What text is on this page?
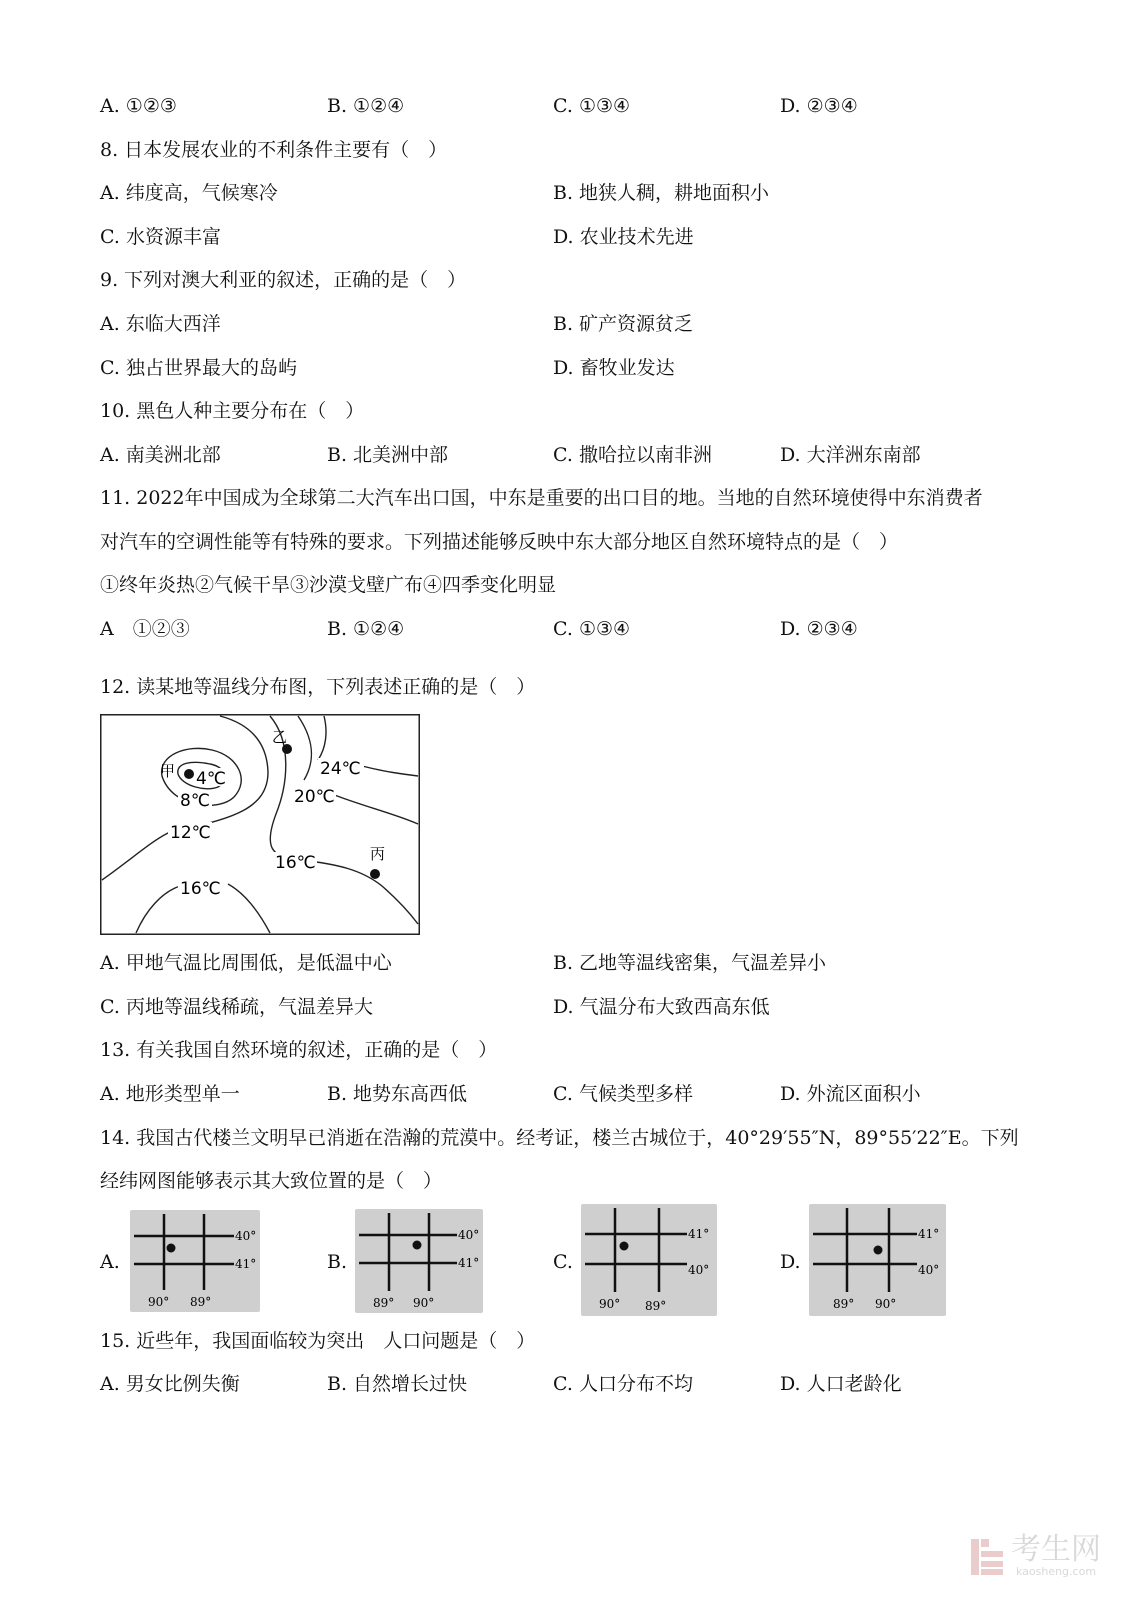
A. ①②③	B. ①②④	C. ①③④	D. ②③④
8. 日本发展农业的不利条件主要有（　）
A. 纬度高，气候寒冷	B. 地狭人稠，耕地面积小
C. 水资源丰富	D. 农业技术先进
9. 下列对澳大利亚的叙述，正确的是（　）
A. 东临大西洋	B. 矿产资源贫乏
C. 独占世界最大的岛屿	D. 畜牧业发达
10. 黑色人种主要分布在（　）
A. 南美洲北部	B. 北美洲中部	C. 撒哈拉以南非洲	D. 大洋洲东南部
11. 2022年中国成为全球第二大汽车出口国，中东是重要的出口目的地。当地的自然环境使得中东消费者
对汽车的空调性能等有特殊的要求。下列描述能够反映中东大部分地区自然环境特点的是（　）
①终年炎热②气候干旱③沙漠戈壁广布④四季变化明显
A　①②③	B. ①②④	C. ①③④	D. ②③④
12. 读某地等温线分布图，下列表述正确的是（　）
甲
乙
丙
4℃
8℃
12℃
16℃
16℃
20℃
24℃
A. 甲地气温比周围低，是低温中心	B. 乙地等温线密集，气温差异小
C. 丙地等温线稀疏，气温差异大	D. 气温分布大致西高东低
13. 有关我国自然环境的叙述，正确的是（　）
A. 地形类型单一	B. 地势东高西低	C. 气候类型多样	D. 外流区面积小
14. 我国古代楼兰文明早已消逝在浩瀚的荒漠中。经考证，楼兰古城位于，40°29′55″N，89°55′22″E。下列
经纬网图能够表示其大致位置的是（　）
A.
40°
41°
90° 89°
B.
40°
41°
89° 90°
C.
41°
40°
90° 89°
D.
41°
40°
89° 90°
15. 近些年，我国面临较为突出　人口问题是（　）
A. 男女比例失衡	B. 自然增长过快	C. 人口分布不均	D. 人口老龄化
考生网
kaosheng.com
